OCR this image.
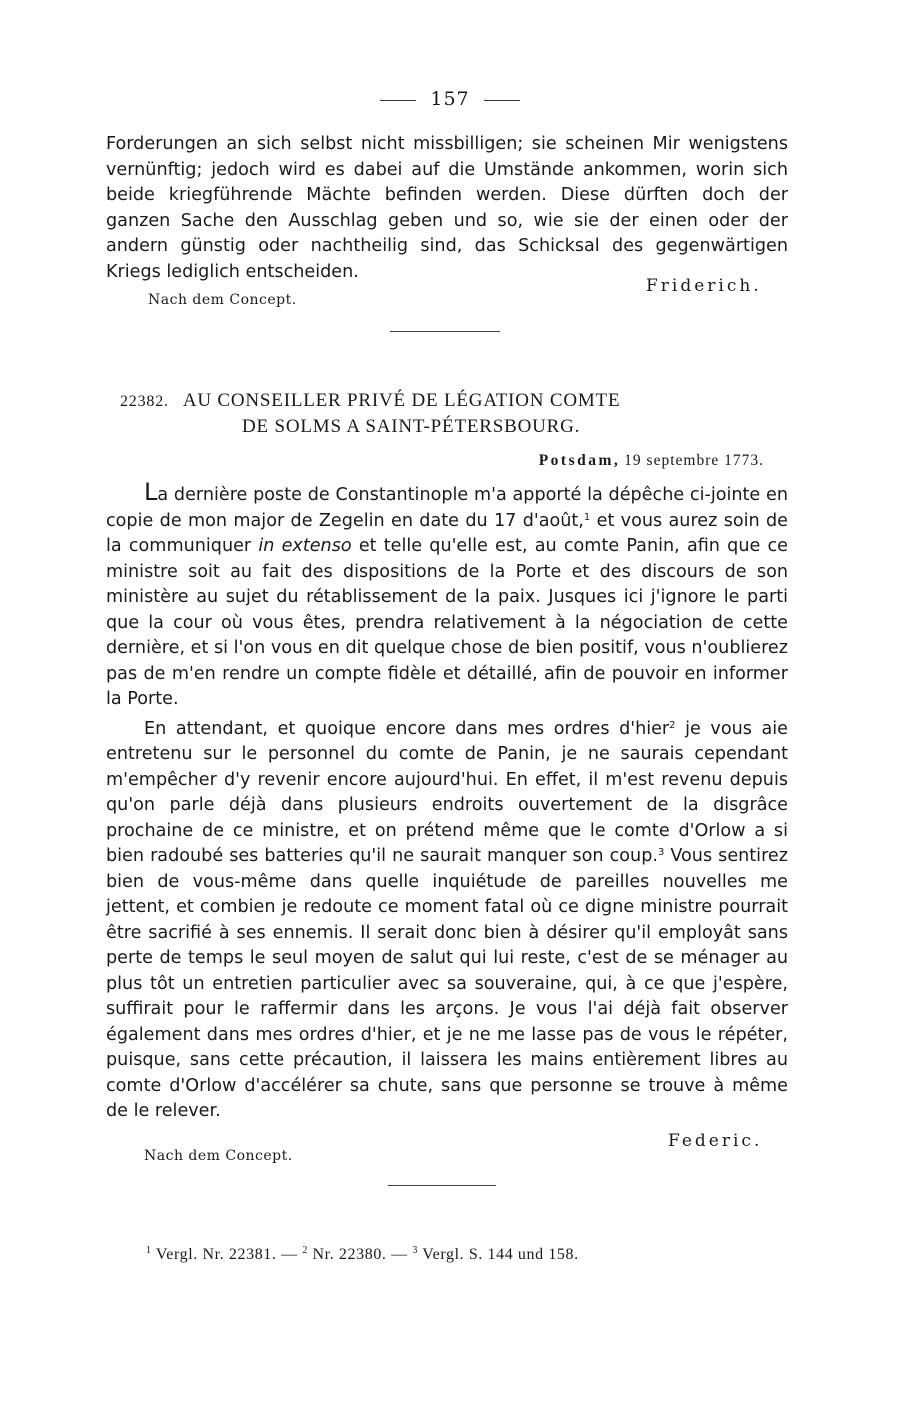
157

Forderungen an sich selbst nicht missbilligen; sie scheinen Mir wenigstens vernünftig; jedoch wird es dabei auf die Umstände ankommen, worin sich beide kriegführende Mächte befinden werden. Diese dürften doch der ganzen Sache den Ausschlag geben und so, wie sie der einen oder der andern günstig oder nachtheilig sind, das Schicksal des gegenwärtigen Kriegs lediglich entscheiden.

Friderich.
Nach dem Concept.
22382. AU CONSEILLER PRIVÉ DE LÉGATION COMTE
DE SOLMS A SAINT-PÉTERSBOURG.
Potsdam, 19 septembre 1773.

La dernière poste de Constantinople m'a apporté la dépêche ci-jointe en copie de mon major de Zegelin en date du 17 d'août,$^1$ et vous aurez soin de la communiquer in extenso et telle qu'elle est, au comte Panin, afin que ce ministre soit au fait des dispositions de la Porte et des discours de son ministère au sujet du rétablissement de la paix. Jusques ici j'ignore le parti que la cour où vous êtes, prendra relativement à la négociation de cette dernière, et si l'on vous en dit quelque chose de bien positif, vous n'oublierez pas de m'en rendre un compte fidèle et détaillé, afin de pouvoir en informer la Porte.

En attendant, et quoique encore dans mes ordres d'hier$^2$ je vous aie entretenu sur le personnel du comte de Panin, je ne saurais cependant m'empêcher d'y revenir encore aujourd'hui. En effet, il m'est revenu depuis qu'on parle déjà dans plusieurs endroits ouvertement de la disgrâce prochaine de ce ministre, et on prétend même que le comte d'Orlow a si bien radoubé ses batteries qu'il ne saurait manquer son coup.$^3$ Vous sentirez bien de vous-même dans quelle inquiétude de pareilles nouvelles me jettent, et combien je redoute ce moment fatal où ce digne ministre pourrait être sacrifié à ses ennemis. Il serait donc bien à désirer qu'il employât sans perte de temps le seul moyen de salut qui lui reste, c'est de se ménager au plus tôt un entretien particulier avec sa souveraine, qui, à ce que j'espère, suffirait pour le raffermir dans les arçons. Je vous l'ai déjà fait observer également dans mes ordres d'hier, et je ne me lasse pas de vous le répéter, puisque, sans cette précaution, il laissera les mains entièrement libres au comte d'Orlow d'accélérer sa chute, sans que personne se trouve à même de le relever.

Federic.
Nach dem Concept.
$^1$ Vergl. Nr. 22381. — $^2$ Nr. 22380. — $^3$ Vergl. S. 144 und 158.
